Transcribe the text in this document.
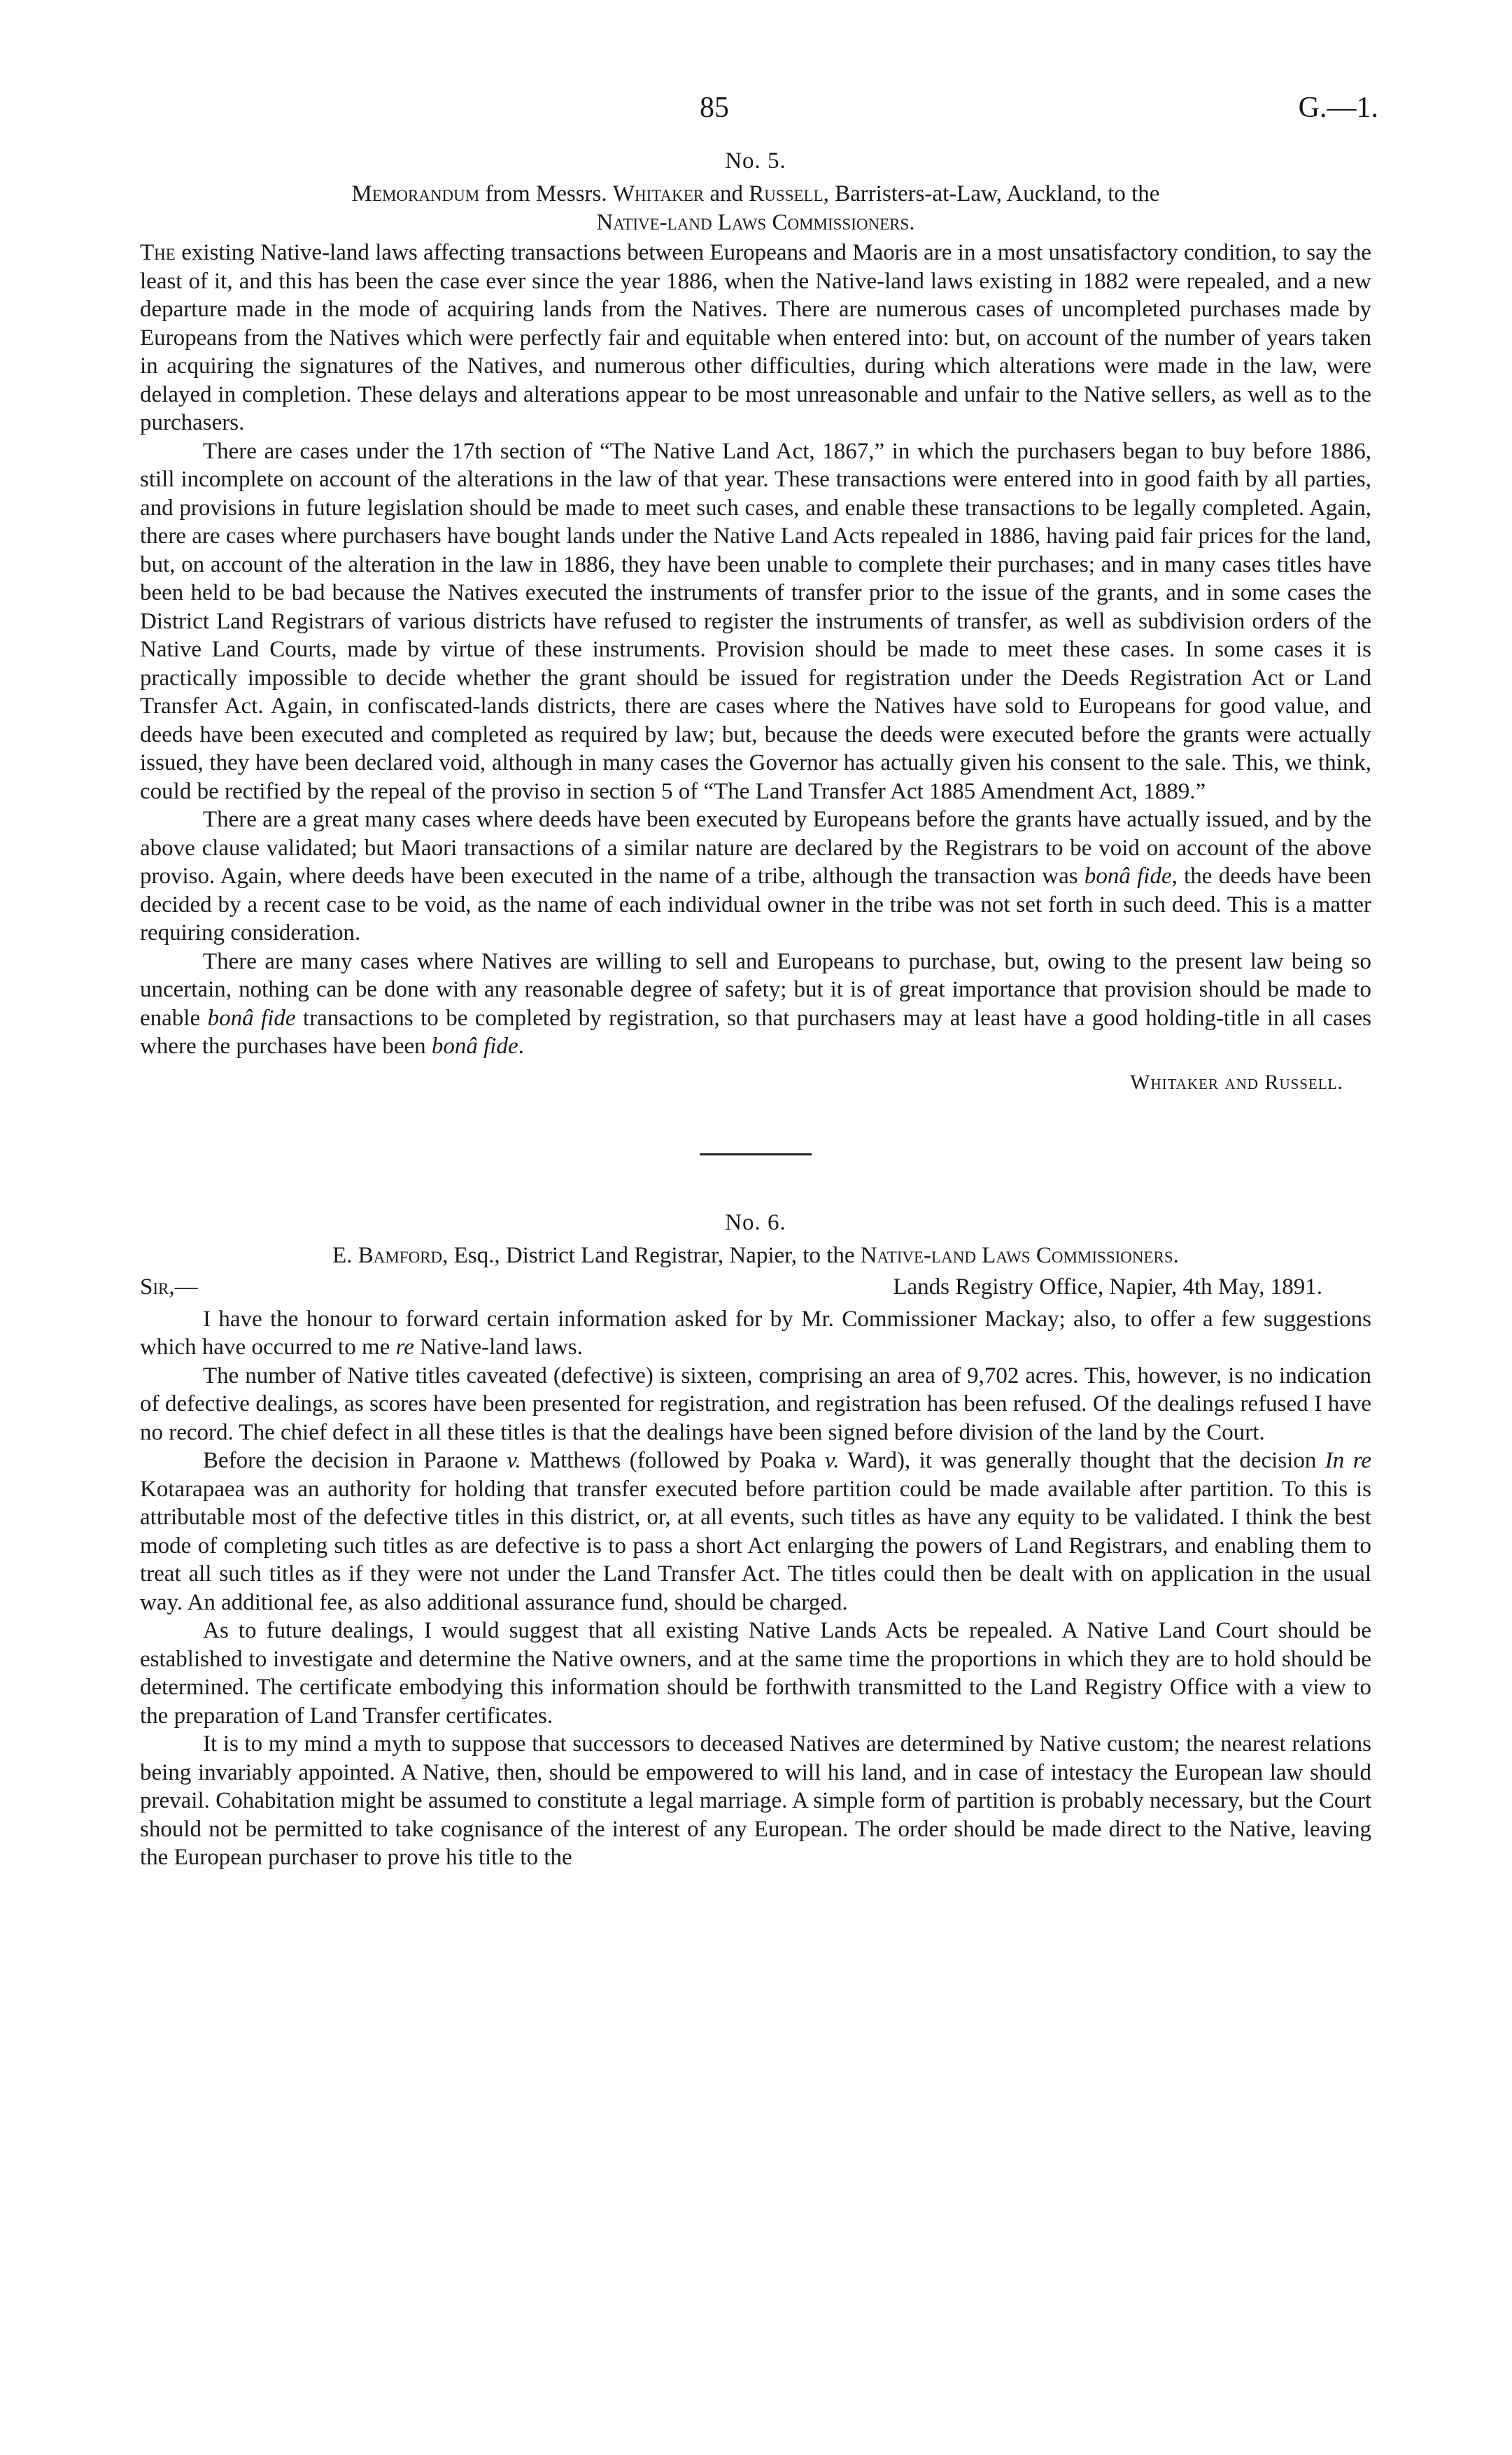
85	G.—1.
No. 5.
Memorandum from Messrs. Whitaker and Russell, Barristers-at-Law, Auckland, to the
Native-land Laws Commissioners.

The existing Native-land laws affecting transactions between Europeans and Maoris are in a most unsatisfactory condition, to say the least of it, and this has been the case ever since the year 1886, when the Native-land laws existing in 1882 were repealed, and a new departure made in the mode of acquiring lands from the Natives. There are numerous cases of uncompleted purchases made by Europeans from the Natives which were perfectly fair and equitable when entered into: but, on account of the number of years taken in acquiring the signatures of the Natives, and numerous other difficulties, during which alterations were made in the law, were delayed in completion. These delays and alterations appear to be most unreasonable and unfair to the Native sellers, as well as to the purchasers.

There are cases under the 17th section of “The Native Land Act, 1867,” in which the purchasers began to buy before 1886, still incomplete on account of the alterations in the law of that year. These transactions were entered into in good faith by all parties, and provisions in future legislation should be made to meet such cases, and enable these transactions to be legally completed. Again, there are cases where purchasers have bought lands under the Native Land Acts repealed in 1886, having paid fair prices for the land, but, on account of the alteration in the law in 1886, they have been unable to complete their purchases; and in many cases titles have been held to be bad because the Natives executed the instruments of transfer prior to the issue of the grants, and in some cases the District Land Registrars of various districts have refused to register the instruments of transfer, as well as subdivision orders of the Native Land Courts, made by virtue of these instruments. Provision should be made to meet these cases. In some cases it is practically impossible to decide whether the grant should be issued for registration under the Deeds Registration Act or Land Transfer Act. Again, in confiscated-lands districts, there are cases where the Natives have sold to Europeans for good value, and deeds have been executed and completed as required by law; but, because the deeds were executed before the grants were actually issued, they have been declared void, although in many cases the Governor has actually given his consent to the sale. This, we think, could be rectified by the repeal of the proviso in section 5 of “The Land Transfer Act 1885 Amendment Act, 1889.”

There are a great many cases where deeds have been executed by Europeans before the grants have actually issued, and by the above clause validated; but Maori transactions of a similar nature are declared by the Registrars to be void on account of the above proviso. Again, where deeds have been executed in the name of a tribe, although the transaction was bonâ fide, the deeds have been decided by a recent case to be void, as the name of each individual owner in the tribe was not set forth in such deed. This is a matter requiring consideration.

There are many cases where Natives are willing to sell and Europeans to purchase, but, owing to the present law being so uncertain, nothing can be done with any reasonable degree of safety; but it is of great importance that provision should be made to enable bonâ fide transactions to be completed by registration, so that purchasers may at least have a good holding-title in all cases where the purchases have been bonâ fide.

Whitaker and Russell.
No. 6.
E. Bamford, Esq., District Land Registrar, Napier, to the Native-land Laws Commissioners.
Sir,—	Lands Registry Office, Napier, 4th May, 1891.

I have the honour to forward certain information asked for by Mr. Commissioner Mackay; also, to offer a few suggestions which have occurred to me re Native-land laws.

The number of Native titles caveated (defective) is sixteen, comprising an area of 9,702 acres. This, however, is no indication of defective dealings, as scores have been presented for registration, and registration has been refused. Of the dealings refused I have no record. The chief defect in all these titles is that the dealings have been signed before division of the land by the Court.

Before the decision in Paraone v. Matthews (followed by Poaka v. Ward), it was generally thought that the decision In re Kotarapaea was an authority for holding that transfer executed before partition could be made available after partition. To this is attributable most of the defective titles in this district, or, at all events, such titles as have any equity to be validated. I think the best mode of completing such titles as are defective is to pass a short Act enlarging the powers of Land Registrars, and enabling them to treat all such titles as if they were not under the Land Transfer Act. The titles could then be dealt with on application in the usual way. An additional fee, as also additional assurance fund, should be charged.

As to future dealings, I would suggest that all existing Native Lands Acts be repealed. A Native Land Court should be established to investigate and determine the Native owners, and at the same time the proportions in which they are to hold should be determined. The certificate embodying this information should be forthwith transmitted to the Land Registry Office with a view to the preparation of Land Transfer certificates.

It is to my mind a myth to suppose that successors to deceased Natives are determined by Native custom; the nearest relations being invariably appointed. A Native, then, should be empowered to will his land, and in case of intestacy the European law should prevail. Cohabitation might be assumed to constitute a legal marriage. A simple form of partition is probably necessary, but the Court should not be permitted to take cognisance of the interest of any European. The order should be made direct to the Native, leaving the European purchaser to prove his title to the
